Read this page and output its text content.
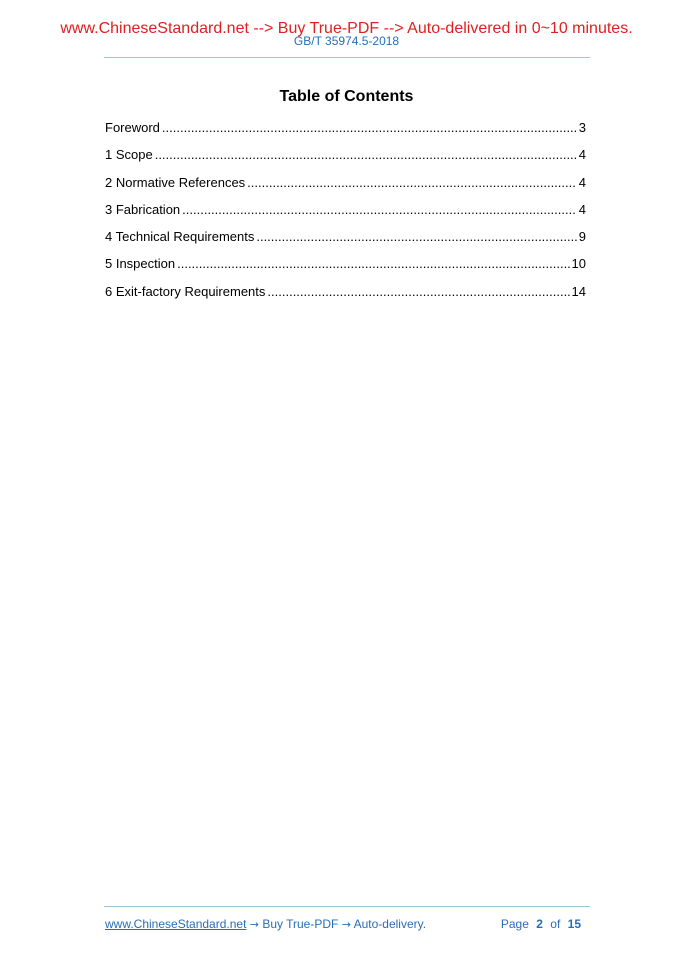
www.ChineseStandard.net --> Buy True-PDF --> Auto-delivered in 0~10 minutes.
GB/T 35974.5-2018
Table of Contents
Foreword .....	3
1 Scope .....	4
2 Normative References .....	4
3 Fabrication .....	4
4 Technical Requirements .....	9
5 Inspection .....	10
6 Exit-factory Requirements .....	14
www.ChineseStandard.net → Buy True-PDF → Auto-delivery.	Page 2 of 15
